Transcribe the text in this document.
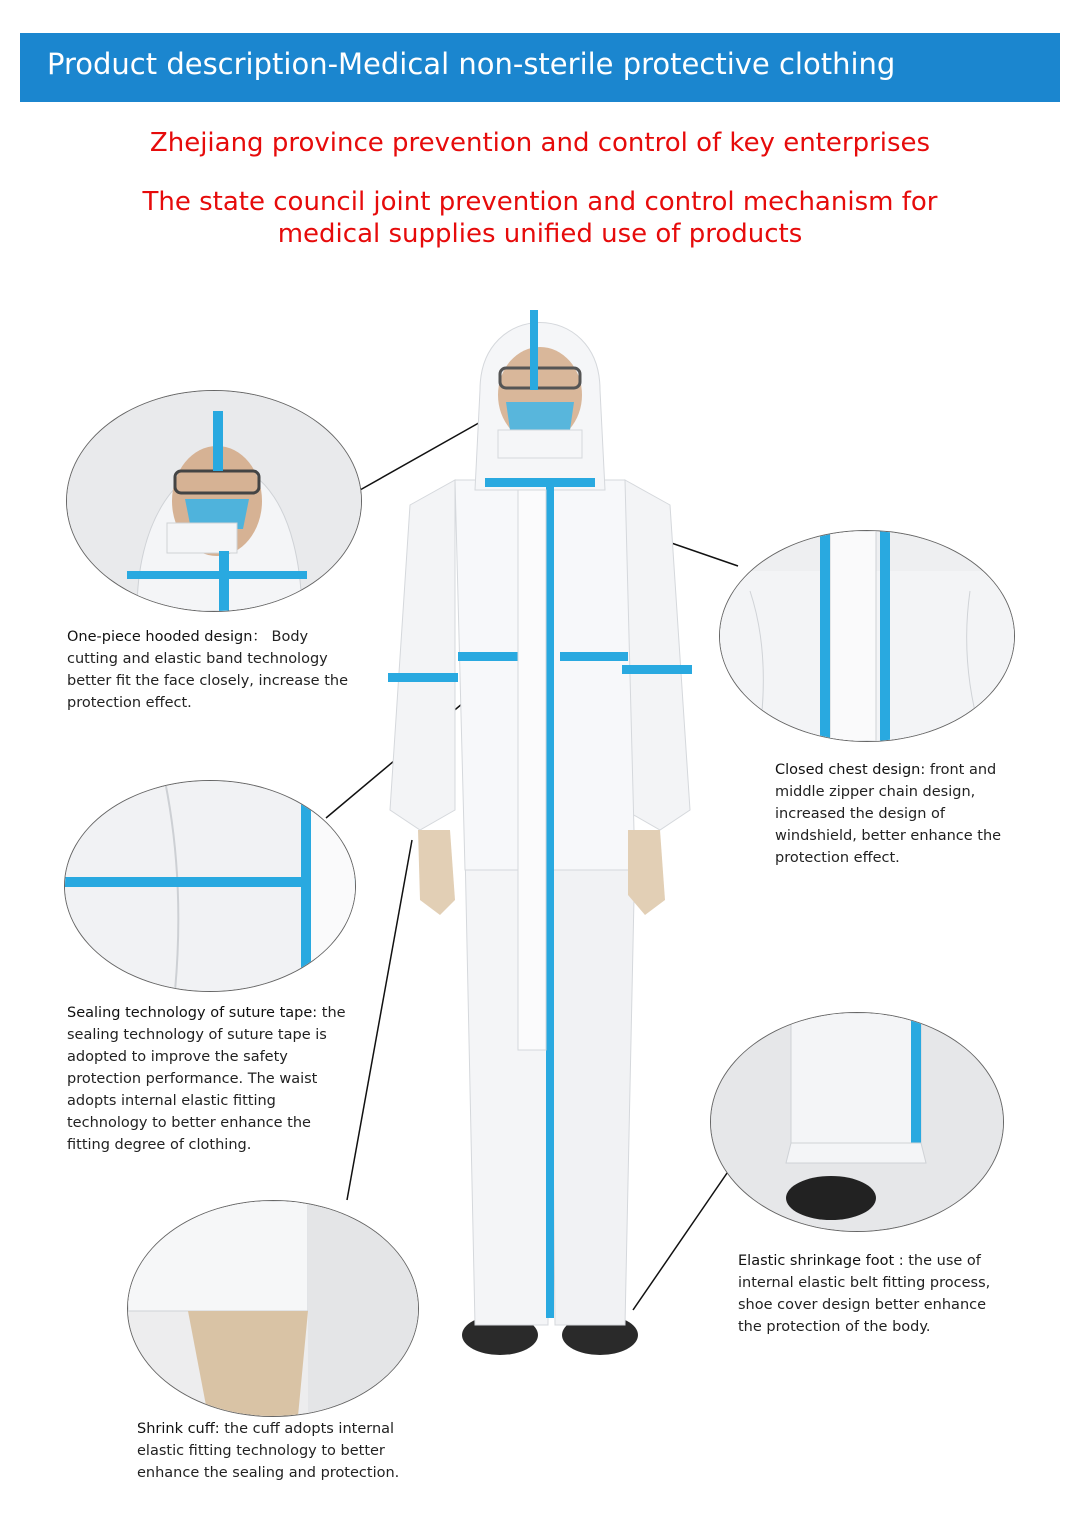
Product description-Medical non-sterile protective clothing

Zhejiang province prevention and control of key enterprises

The state council joint prevention and control mechanism for

medical supplies unified use of products

One-piece hooded design： Body cutting and elastic band technology better fit the face closely, increase the protection effect.
Closed chest design: front and middle zipper chain design, increased the design of windshield, better enhance the protection effect.
Sealing technology of suture tape: the sealing technology of suture tape is adopted to improve the safety protection performance. The waist adopts internal elastic fitting technology to better enhance the fitting degree of clothing.
Elastic shrinkage foot : the use of internal elastic belt fitting process, shoe cover design better enhance the protection of the body.
Shrink cuff: the cuff adopts internal elastic fitting technology to better enhance the sealing and protection.
